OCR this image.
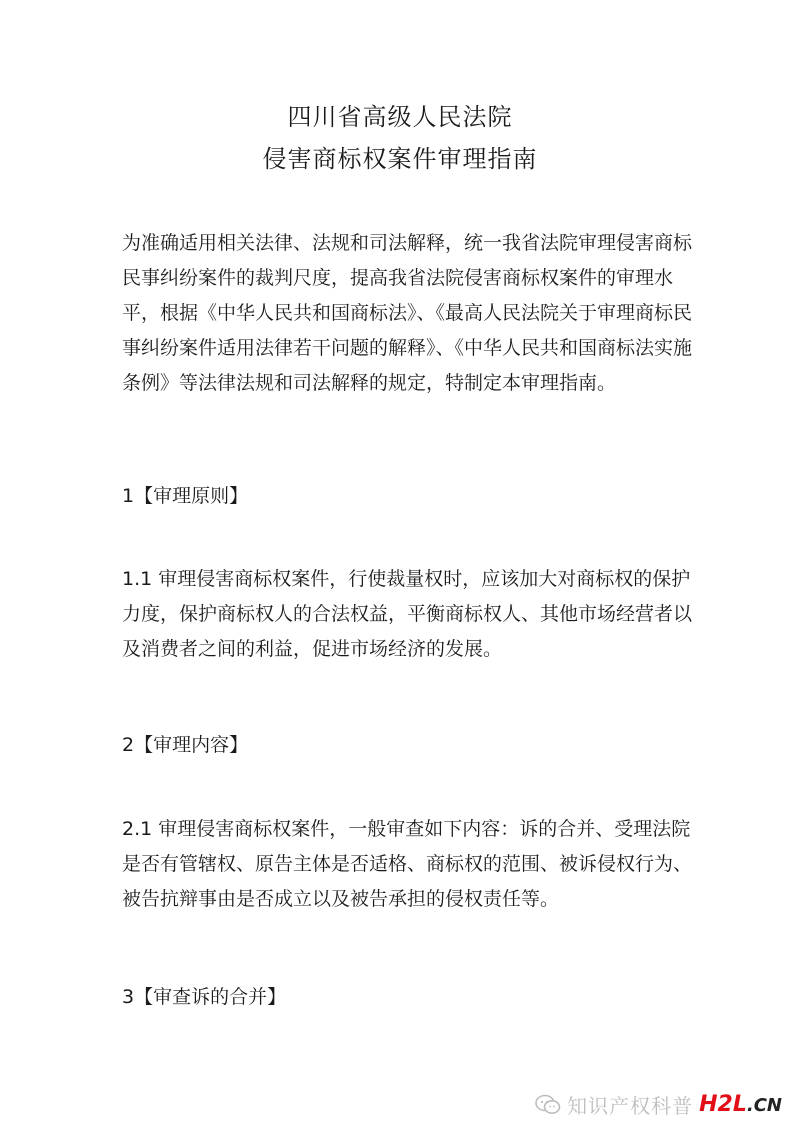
四川省高级人民法院

侵害商标权案件审理指南

为准确适用相关法律、法规和司法解释，统一我省法院审理侵害商标民事纠纷案件的裁判尺度，提高我省法院侵害商标权案件的审理水平，根据《中华人民共和国商标法》、《最高人民法院关于审理商标民事纠纷案件适用法律若干问题的解释》、《中华人民共和国商标法实施条例》等法律法规和司法解释的规定，特制定本审理指南。

1【审理原则】

1.1 审理侵害商标权案件，行使裁量权时，应该加大对商标权的保护力度，保护商标权人的合法权益，平衡商标权人、其他市场经营者以及消费者之间的利益，促进市场经济的发展。

2【审理内容】

2.1 审理侵害商标权案件，一般审查如下内容：诉的合并、受理法院是否有管辖权、原告主体是否适格、商标权的范围、被诉侵权行为、被告抗辩事由是否成立以及被告承担的侵权责任等。

3【审查诉的合并】

知识产权科普 H2L.CN
